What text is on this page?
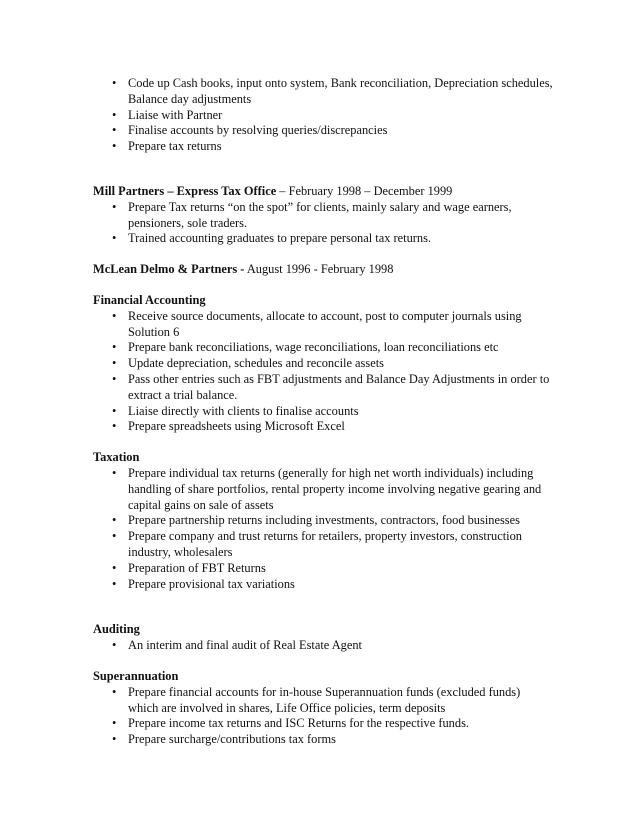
• Code up Cash books, input onto system, Bank reconciliation, Depreciation schedules, Balance day adjustments
• Liaise with Partner
• Finalise accounts by resolving queries/discrepancies
• Prepare tax returns

Mill Partners – Express Tax Office – February 1998 – December 1999

• Prepare Tax returns “on the spot” for clients, mainly salary and wage earners, pensioners, sole traders.
• Trained accounting graduates to prepare personal tax returns.

McLean Delmo & Partners - August 1996 - February 1998

Financial Accounting

• Receive source documents, allocate to account, post to computer journals using Solution 6
• Prepare bank reconciliations, wage reconciliations, loan reconciliations etc
• Update depreciation, schedules and reconcile assets
• Pass other entries such as FBT adjustments and Balance Day Adjustments in order to extract a trial balance.
• Liaise directly with clients to finalise accounts
• Prepare spreadsheets using Microsoft Excel

Taxation

• Prepare individual tax returns (generally for high net worth individuals) including handling of share portfolios, rental property income involving negative gearing and capital gains on sale of assets
• Prepare partnership returns including investments, contractors, food businesses
• Prepare company and trust returns for retailers, property investors, construction industry, wholesalers
• Preparation of FBT Returns
• Prepare provisional tax variations

Auditing

• An interim and final audit of Real Estate Agent

Superannuation

• Prepare financial accounts for in-house Superannuation funds (excluded funds) which are involved in shares, Life Office policies, term deposits
• Prepare income tax returns and ISC Returns for the respective funds.
• Prepare surcharge/contributions tax forms
